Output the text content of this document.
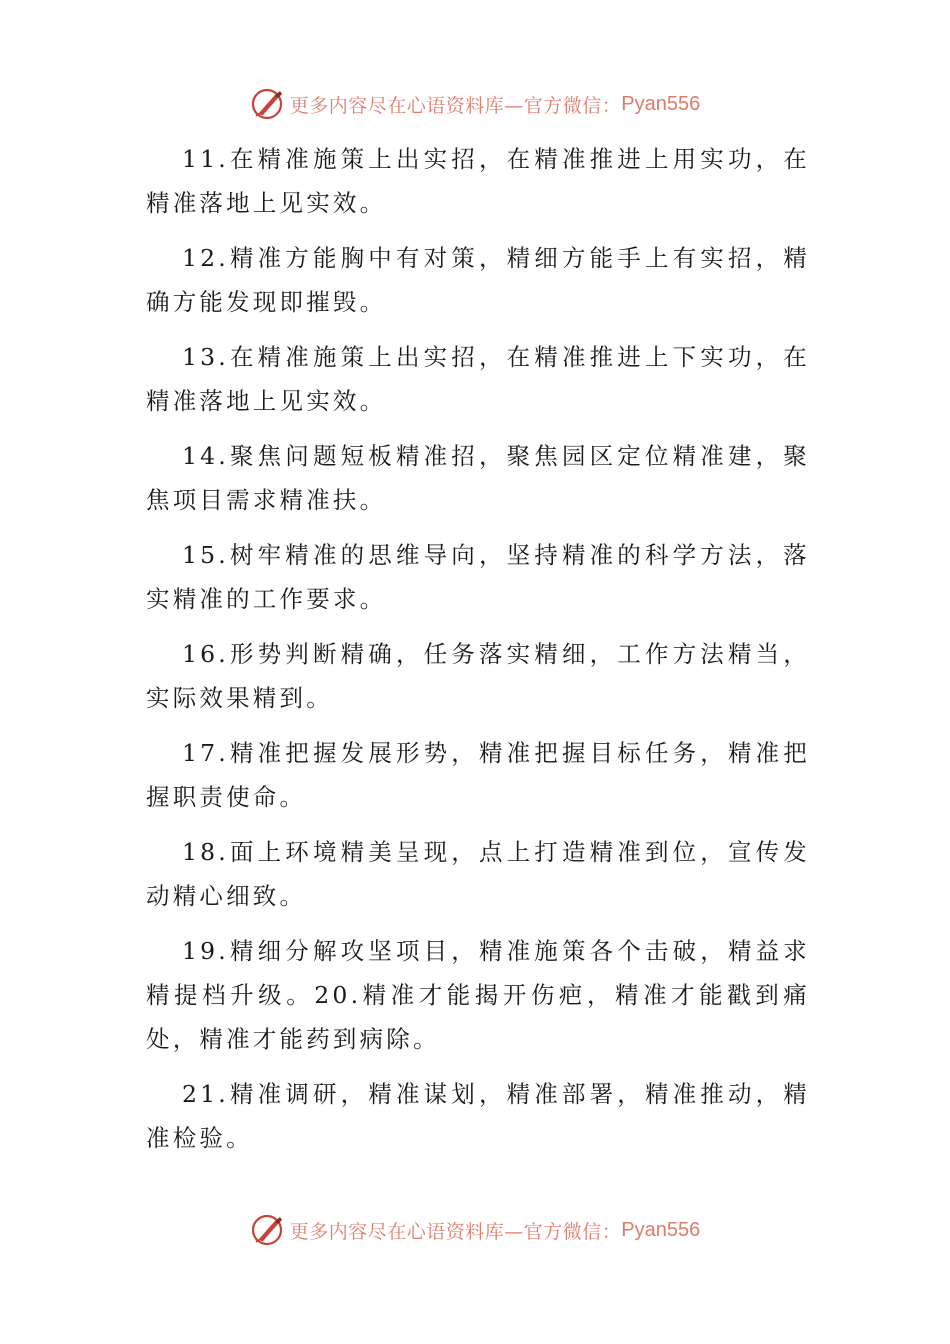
更多内容尽在心语资料库—官方微信： Pyan556

11.在精准施策上出实招，在精准推进上用实功，在精准落地上见实效。

12.精准方能胸中有对策，精细方能手上有实招，精确方能发现即摧毁。

13.在精准施策上出实招，在精准推进上下实功，在精准落地上见实效。

14.聚焦问题短板精准招，聚焦园区定位精准建，聚焦项目需求精准扶。

15.树牢精准的思维导向，坚持精准的科学方法，落实精准的工作要求。

16.形势判断精确，任务落实精细，工作方法精当，实际效果精到。

17.精准把握发展形势，精准把握目标任务，精准把握职责使命。

18.面上环境精美呈现，点上打造精准到位，宣传发动精心细致。

19.精细分解攻坚项目，精准施策各个击破，精益求精提档升级。20.精准才能揭开伤疤，精准才能戳到痛处，精准才能药到病除。

21.精准调研，精准谋划，精准部署，精准推动，精准检验。

更多内容尽在心语资料库—官方微信： Pyan556
